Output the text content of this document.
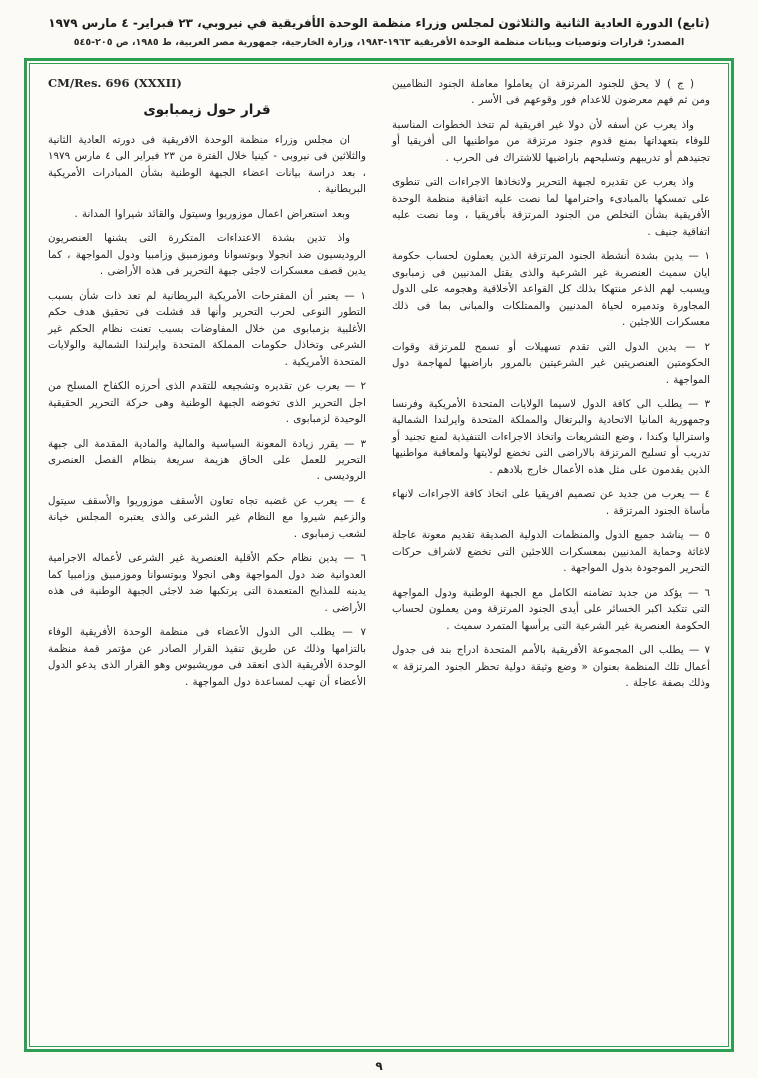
(تابع) الدورة العادية الثانية والثلاثون لمجلس وزراء منظمة الوحدة الأفريقية في نيروبي، ٢٣ فبراير- ٤ مارس ١٩٧٩
المصدر: قرارات وتوصيات وبيانات منظمة الوحدة الأفريقية ١٩٦٣-١٩٨٣، وزارة الخارجية، جمهورية مصر العربية، ط ١٩٨٥، ص ٢٠٥-٥٤٥

( ج ) لا يحق للجنود المرتزقة ان يعاملوا معاملة الجنود النظاميين ومن ثم فهم معرضون للاعدام فور وقوعهم فى الأسر .

واذ يعرب عن أسفه لأن دولا غير افريقية لم تتخذ الخطوات المناسبة للوفاء بتعهداتها بمنع قدوم جنود مرتزقة من مواطنيها الى أفريقيا أو تجنيدهم أو تدريبهم وتسليحهم باراضيها للاشتراك فى الحرب .

واذ يعرب عن تقديره لجبهة التحرير ولاتخاذها الاجراءات التى تنطوى على تمسكها بالمبادىء واحترامها لما نصت عليه اتفاقية منظمة الوحدة الأفريقية بشأن التخلص من الجنود المرتزقة بأفريقيا ، وما نصت عليه اتفاقية جنيف .

١ — يدين بشدة أنشطة الجنود المرتزقة الذين يعملون لحساب حكومة ايان سميث العنصرية غير الشرعية والذى يقتل المدنيين فى زمبابوى ويسبب لهم الذعر منتهكا بذلك كل القواعد الأخلاقية وهجومه على الدول المجاورة وتدميره لحياة المدنيين والممتلكات والمبانى بما فى ذلك معسكرات اللاجئين .

٢ — يدين الدول التى تقدم تسهيلات أو تسمح للمرتزقة وقوات الحكومتين العنصريتين غير الشرعيتين بالمرور باراضيها لمهاجمة دول المواجهة .

٣ — يطلب الى كافة الدول لاسيما الولايات المتحدة الأمريكية وفرنسا وجمهورية المانيا الاتحادية والبرتغال والمملكة المتحدة وايرلندا الشمالية واستراليا وكندا ، وضع التشريعات واتخاذ الاجراءات التنفيذية لمنع تجنيد أو تدريب أو تسليح المرتزقة بالاراضى التى تخضع لولايتها ولمعاقبة مواطنيها الذين يقدمون على مثل هذه الأعمال خارج بلادهم .

٤ — يعرب من جديد عن تصميم افريقيا على اتخاذ كافة الاجراءات لانهاء مأساة الجنود المرتزقة .

٥ — يناشد جميع الدول والمنظمات الدولية الصديقة تقديم معونة عاجلة لاغاثة وحماية المدنيين بمعسكرات اللاجئين التى تخضع لاشراف حركات التحرير الموجودة بدول المواجهة .

٦ — يؤكد من جديد تضامنه الكامل مع الجبهة الوطنية ودول المواجهة التى تتكبد اكبر الخسائر على أيدى الجنود المرتزقة ومن يعملون لحساب الحكومة العنصرية غير الشرعية التى يرأسها المتمرد سميث .

٧ — يطلب الى المجموعة الأفريقية بالأمم المتحدة ادراج بند فى جدول أعمال تلك المنظمة بعنوان « وضع وثيقة دولية تحظر الجنود المرتزقة » وذلك بصفة عاجلة .

CM/Res. 696 (XXXII)
قرار حول زيمبابوى

ان مجلس وزراء منظمة الوحدة الافريقية فى دورته العادية الثانية والثلاثين فى نيروبى - كينيا خلال الفترة من ٢٣ فبراير الى ٤ مارس ١٩٧٩ ، بعد دراسة بيانات اعضاء الجبهة الوطنية بشأن المبادرات الأمريكية البريطانية .

وبعد استعراض اعمال موزوريوا وسيتول والقائد شيراوا المدانة .

واذ تدين بشدة الاعتداءات المتكررة التى يشنها العنصريون الروديسيون ضد انجولا وبوتسوانا وموزمبيق وزامبيا ودول المواجهة ، كما يدين قصف معسكرات لاجئى جبهة التحرير فى هذه الأراضى .

١ — يعتبر أن المقترحات الأمريكية البريطانية لم تعد ذات شأن بسبب التطور النوعى لحرب التحرير وأنها قد فشلت فى تحقيق هدف حكم الأغلبية بزمبابوى من خلال المفاوضات بسبب تعنت نظام الحكم غير الشرعى وتخاذل حكومات المملكة المتحدة وايرلندا الشمالية والولايات المتحدة الأمريكية .

٢ — يعرب عن تقديره وتشجيعه للتقدم الذى أحرزه الكفاح المسلح من اجل التحرير الذى تخوضه الجبهة الوطنية وهى حركة التحرير الحقيقية الوحيدة لزمبابوى .

٣ — يقرر زيادة المعونة السياسية والمالية والمادية المقدمة الى جبهة التحرير للعمل على الحاق هزيمة سريعة بنظام الفصل العنصرى الروديسى .

٤ — يعرب عن غضبه تجاه تعاون الأسقف موزوريوا والأسقف سيتول والزعيم شيروا مع النظام غير الشرعى والذى يعتبره المجلس خيانة لشعب زمبابوى .

٦ — يدين نظام حكم الأقلية العنصرية غير الشرعى لأعماله الاجرامية العدوانية ضد دول المواجهة وهى انجولا وبوتسوانا وموزمبيق وزامبيا كما يدينه للمذابح المتعمدة التى يرتكبها ضد لاجئى الجبهة الوطنية فى هذه الأراضى .

٧ — يطلب الى الدول الأعضاء فى منظمة الوحدة الأفريقية الوفاء بالتزامها وذلك عن طريق تنفيذ القرار الصادر عن مؤتمر قمة منظمة الوحدة الأفريقية الذى انعقد فى موريشيوس وهو القرار الذى يدعو الدول الأعضاء أن تهب لمساعدة دول المواجهة .

٩
